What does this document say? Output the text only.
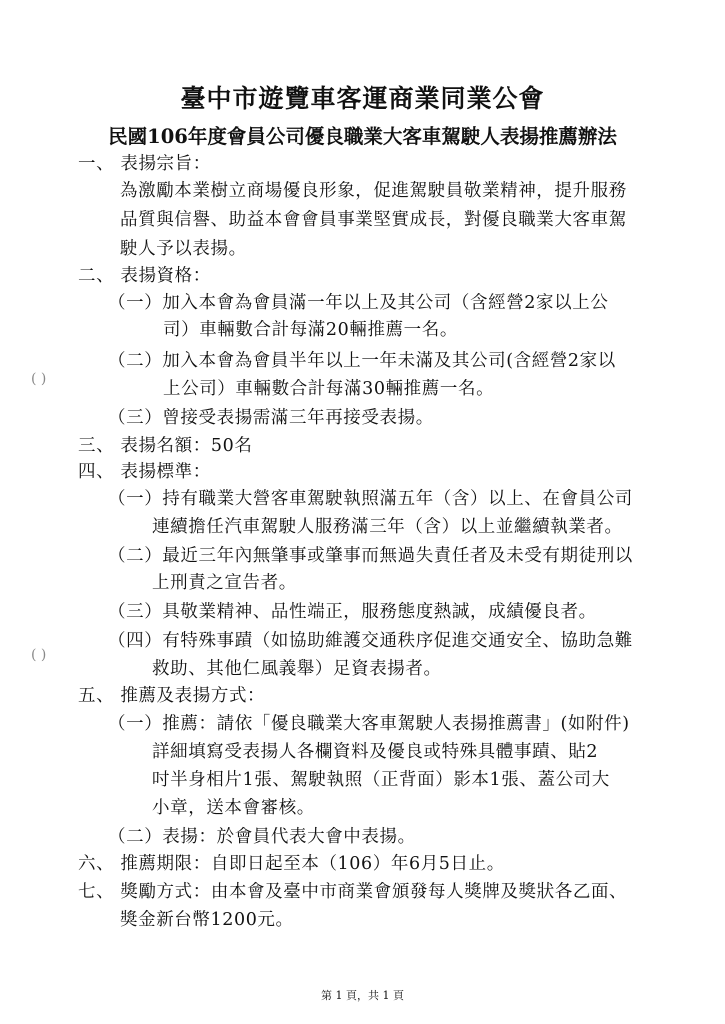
臺中市遊覽車客運商業同業公會
民國106年度會員公司優良職業大客車駕駛人表揚推薦辦法
一、 表揚宗旨：
為激勵本業樹立商場優良形象，促進駕駛員敬業精神，提升服務
品質與信譽、助益本會會員事業堅實成長，對優良職業大客車駕
駛人予以表揚。
二、 表揚資格：
（一）加入本會為會員滿一年以上及其公司（含經營2家以上公
司）車輛數合計每滿20輛推薦一名。
（二）加入本會為會員半年以上一年未滿及其公司(含經營2家以
上公司）車輛數合計每滿30輛推薦一名。
（三）曾接受表揚需滿三年再接受表揚。
三、 表揚名額：50名
四、 表揚標準：
（一）持有職業大營客車駕駛執照滿五年（含）以上、在會員公司
連續擔任汽車駕駛人服務滿三年（含）以上並繼續執業者。
（二）最近三年內無肇事或肇事而無過失責任者及未受有期徒刑以
上刑責之宣告者。
（三）具敬業精神、品性端正，服務態度熱誠，成績優良者。
（四）有特殊事蹟（如協助維護交通秩序促進交通安全、協助急難
救助、其他仁風義舉）足資表揚者。
五、 推薦及表揚方式：
（一）推薦：請依「優良職業大客車駕駛人表揚推薦書」(如附件)
詳細填寫受表揚人各欄資料及優良或特殊具體事蹟、貼2
吋半身相片1張、駕駛執照（正背面）影本1張、蓋公司大
小章，送本會審核。
（二）表揚：於會員代表大會中表揚。
六、 推薦期限：自即日起至本（106）年6月5日止。
七、 獎勵方式：由本會及臺中市商業會頒發每人獎牌及獎狀各乙面、
獎金新台幣1200元。
( )
( )
第 1 頁，共 1 頁
